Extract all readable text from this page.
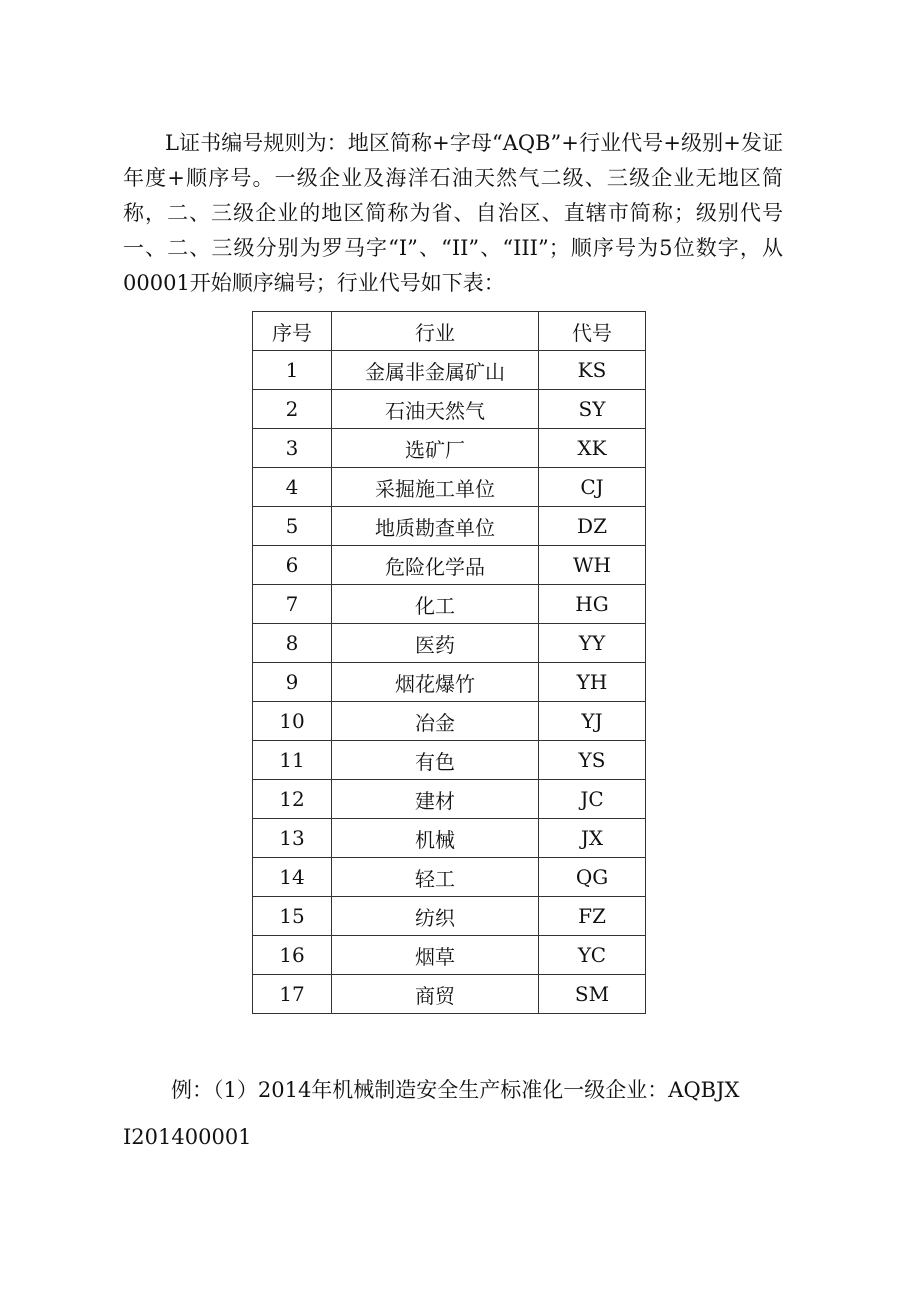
L证书编号规则为：地区简称+字母“AQB”+行业代号+级别+发证年度+顺序号。一级企业及海洋石油天然气二级、三级企业无地区简称，二、三级企业的地区简称为省、自治区、直辖市简称；级别代号一、二、三级分别为罗马字“I”、“II”、“III”；顺序号为5位数字，从00001开始顺序编号；行业代号如下表：

序号	行业	代号
1	金属非金属矿山	KS
2	石油天然气	SY
3	选矿厂	XK
4	采掘施工单位	CJ
5	地质勘查单位	DZ
6	危险化学品	WH
7	化工	HG
8	医药	YY
9	烟花爆竹	YH
10	冶金	YJ
11	有色	YS
12	建材	JC
13	机械	JX
14	轻工	QG
15	纺织	FZ
16	烟草	YC
17	商贸	SM

例：（1）2014年机械制造安全生产标准化一级企业：AQBJX

I201400001
